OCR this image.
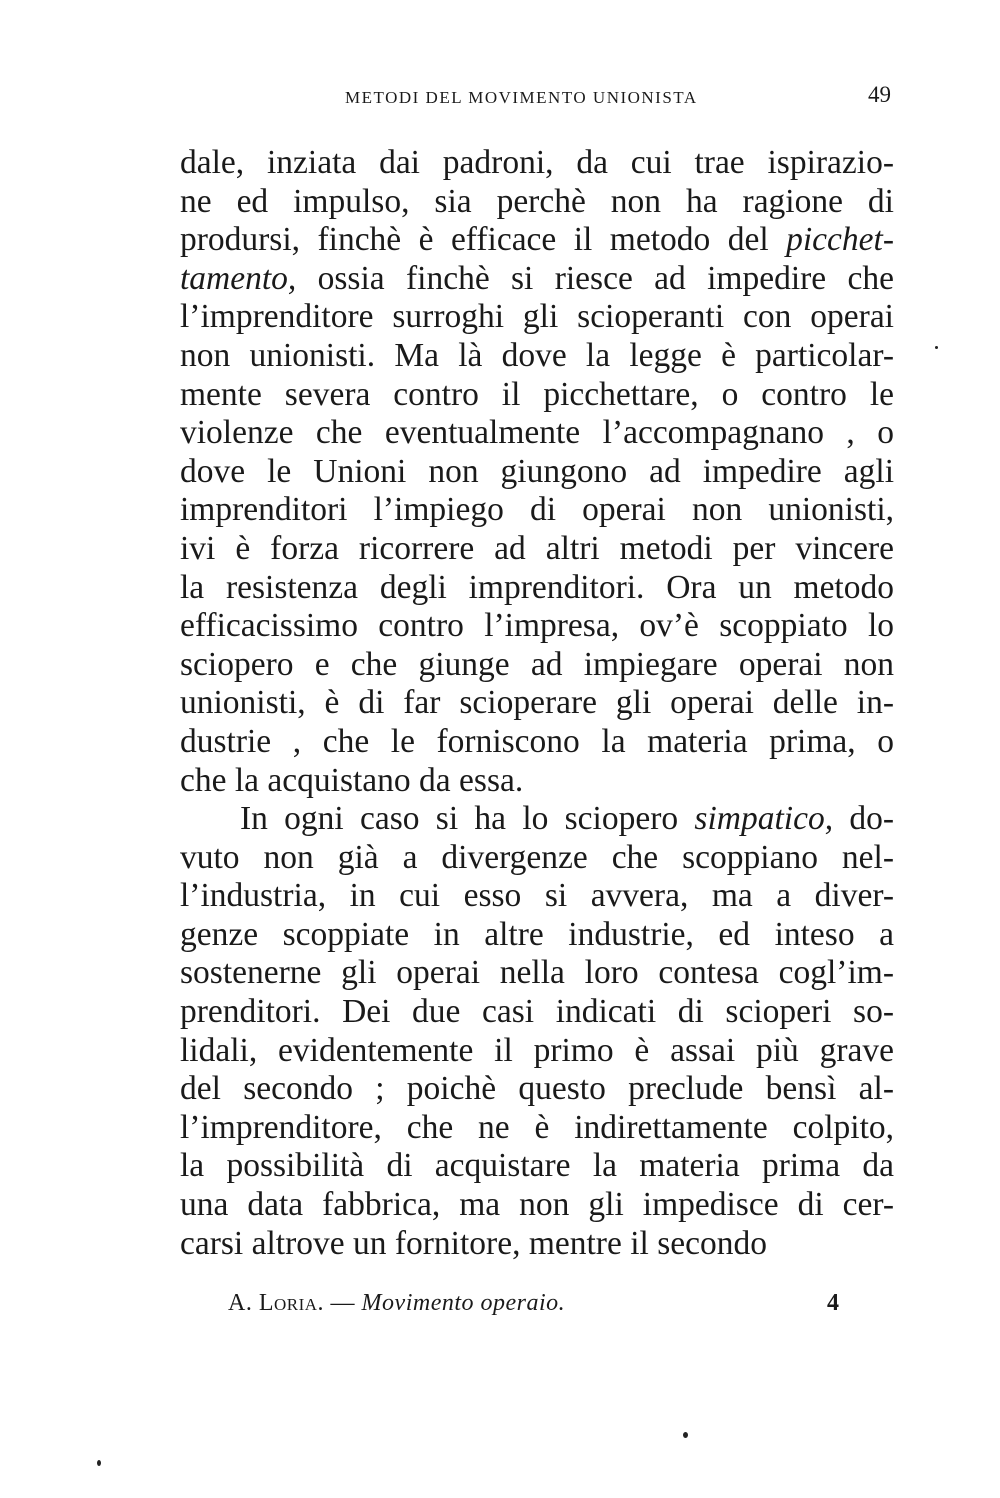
METODI DEL MOVIMENTO UNIONISTA	49
dale, inziata dai padroni, da cui trae ispirazio-
ne ed impulso, sia perchè non ha ragione di
prodursi, finchè è efficace il metodo del picchet-
tamento, ossia finchè si riesce ad impedire che
l’imprenditore surroghi gli scioperanti con operai
non unionisti. Ma là dove la legge è particolar-
mente severa contro il picchettare, o contro le
violenze che eventualmente l’accompagnano , o
dove le Unioni non giungono ad impedire agli
imprenditori l’impiego di operai non unionisti,
ivi è forza ricorrere ad altri metodi per vincere
la resistenza degli imprenditori. Ora un metodo
efficacissimo contro l’impresa, ov’è scoppiato lo
sciopero e che giunge ad impiegare operai non
unionisti, è di far scioperare gli operai delle in-
dustrie , che le forniscono la materia prima, o
che la acquistano da essa.
In ogni caso si ha lo sciopero simpatico, do-
vuto non già a divergenze che scoppiano nel-
l’industria, in cui esso si avvera, ma a diver-
genze scoppiate in altre industrie, ed inteso a
sostenerne gli operai nella loro contesa cogl’im-
prenditori. Dei due casi indicati di scioperi so-
lidali, evidentemente il primo è assai più grave
del secondo ; poichè questo preclude bensì al-
l’imprenditore, che ne è indirettamente colpito,
la possibilità di acquistare la materia prima da
una data fabbrica, ma non gli impedisce di cer-
carsi altrove un fornitore, mentre il secondo
A. Loria. — Movimento operaio.	4
